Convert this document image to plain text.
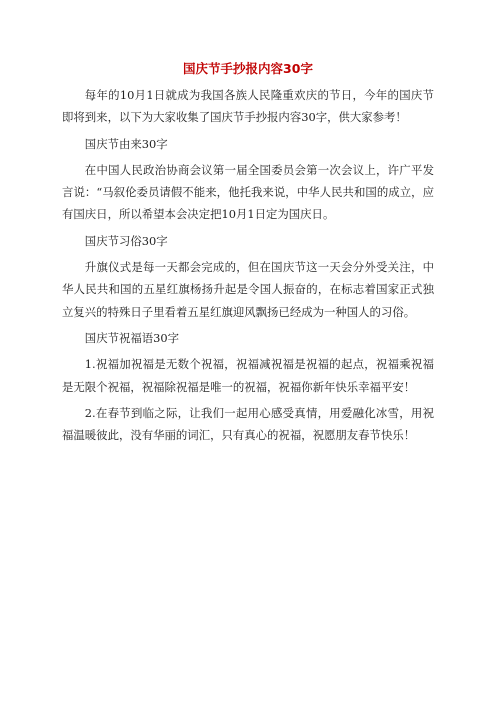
国庆节手抄报内容30字

每年的10月1日就成为我国各族人民隆重欢庆的节日，今年的国庆节即将到来，以下为大家收集了国庆节手抄报内容30字，供大家参考！

国庆节由来30字

在中国人民政治协商会议第一届全国委员会第一次会议上，许广平发言说：“马叙伦委员请假不能来，他托我来说，中华人民共和国的成立，应有国庆日，所以希望本会决定把10月1日定为国庆日。

国庆节习俗30字

升旗仪式是每一天都会完成的，但在国庆节这一天会分外受关注，中华人民共和国的五星红旗杨扬升起是令国人振奋的，在标志着国家正式独立复兴的特殊日子里看着五星红旗迎风飘扬已经成为一种国人的习俗。

国庆节祝福语30字

1.祝福加祝福是无数个祝福，祝福减祝福是祝福的起点，祝福乘祝福是无限个祝福，祝福除祝福是唯一的祝福，祝福你新年快乐幸福平安！

2.在春节到临之际，让我们一起用心感受真情，用爱融化冰雪，用祝福温暖彼此，没有华丽的词汇，只有真心的祝福，祝愿朋友春节快乐！
